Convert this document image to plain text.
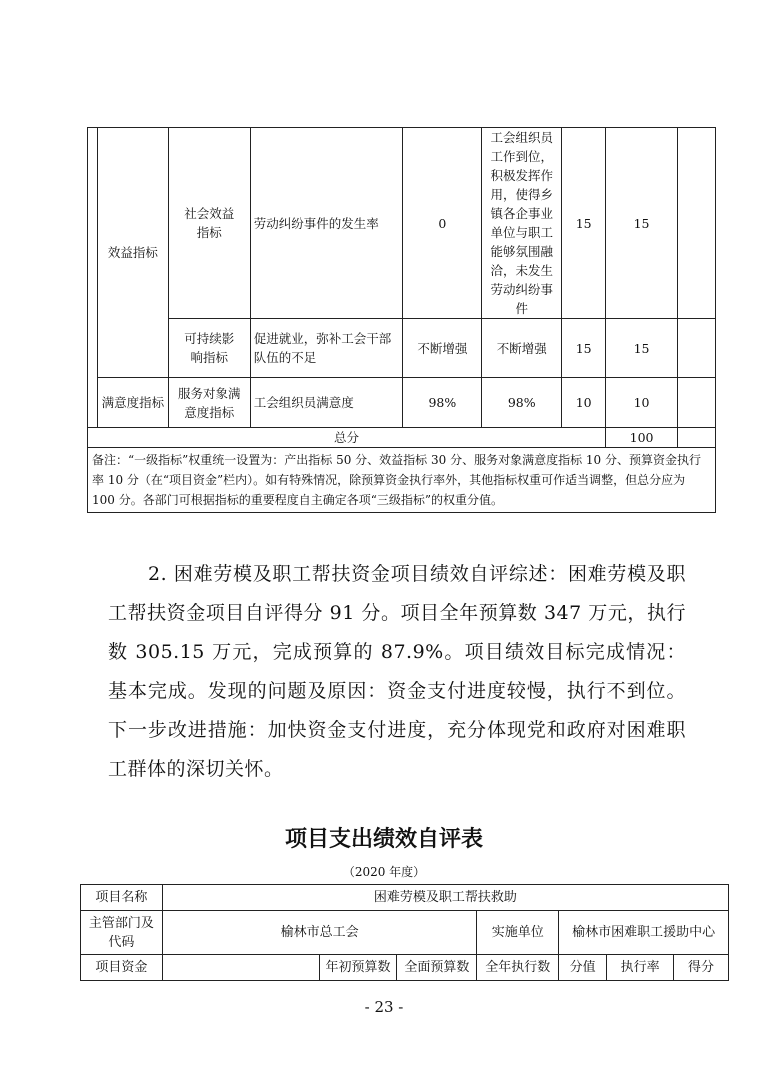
	效益指标	社会效益指标	劳动纠纷事件的发生率	0	工会组织员工作到位，积极发挥作用，使得乡镇各企事业单位与职工能够氛围融洽，未发生劳动纠纷事件	15	15	
		可持续影响指标	促进就业，弥补工会干部队伍的不足	不断增强	不断增强	15	15	
	满意度指标	服务对象满意度指标	工会组织员满意度	98%	98%	10	10	
总分							100	
备注：“一级指标”权重统一设置为：产出指标 50 分、效益指标 30 分、服务对象满意度指标 10 分、预算资金执行率 10 分（在“项目资金”栏内）。如有特殊情况，除预算资金执行率外，其他指标权重可作适当调整，但总分应为 100 分。各部门可根据指标的重要程度自主确定各项“三级指标”的权重分值。								

2. 困难劳模及职工帮扶资金项目绩效自评综述：困难劳模及职工帮扶资金项目自评得分 91 分。项目全年预算数 347 万元，执行数 305.15 万元，完成预算的 87.9%。项目绩效目标完成情况：基本完成。发现的问题及原因：资金支付进度较慢，执行不到位。下一步改进措施：加快资金支付进度，充分体现党和政府对困难职工群体的深切关怀。

项目支出绩效自评表
（2020 年度）
项目名称	困难劳模及职工帮扶救助						
主管部门及代码	榆林市总工会			实施单位	榆林市困难职工援助中心		
项目资金		年初预算数	全面预算数	全年执行数	分值	执行率	得分
- 23 -
